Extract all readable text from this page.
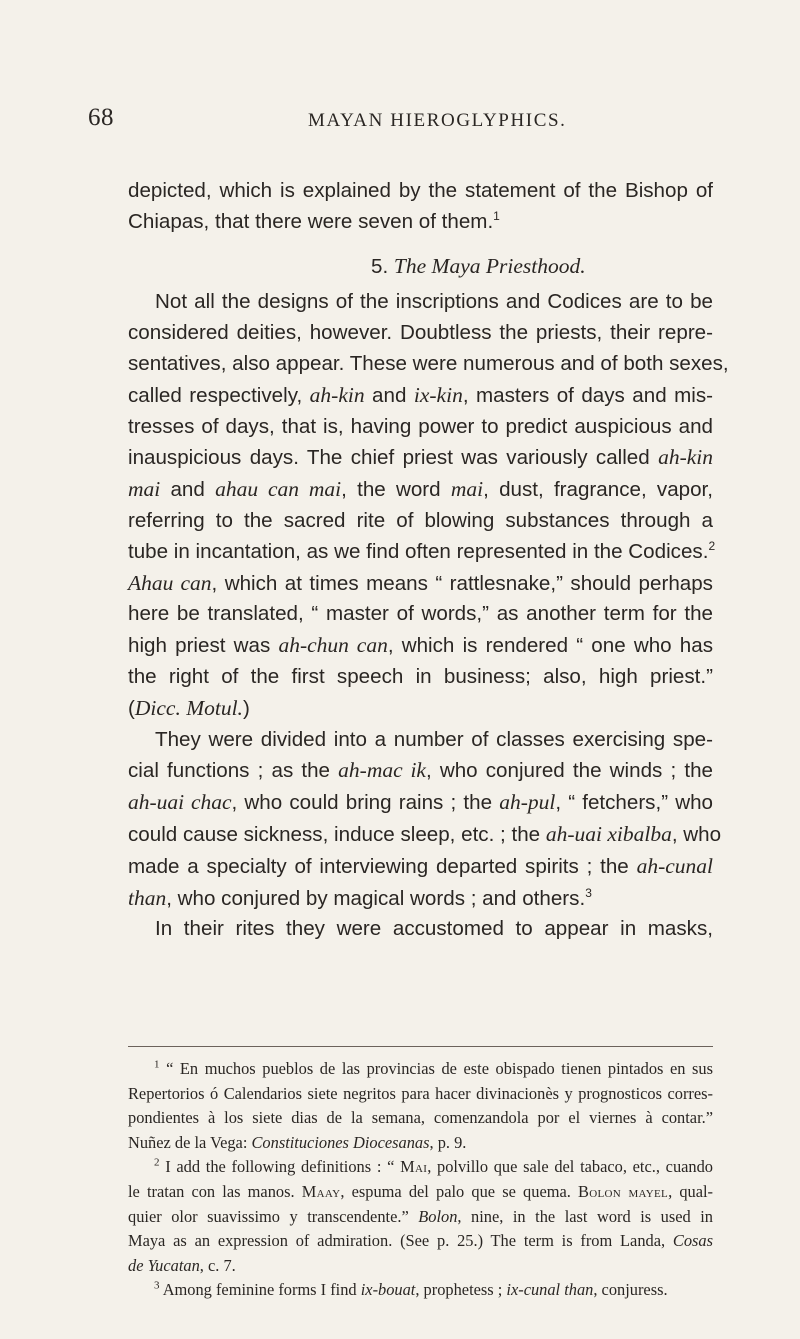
68	MAYAN HIEROGLYPHICS.
depicted, which is explained by the statement of the Bishop of
Chiapas, that there were seven of them.$^1$
5. The Maya Priesthood.
Not all the designs of the inscriptions and Codices are to be
considered deities, however. Doubtless the priests, their repre-
sentatives, also appear. These were numerous and of both sexes,
called respectively, ah-kin and ix-kin, masters of days and mis-
tresses of days, that is, having power to predict auspicious and
inauspicious days. The chief priest was variously called ah-kin
mai and ahau can mai, the word mai, dust, fragrance, vapor,
referring to the sacred rite of blowing substances through a
tube in incantation, as we find often represented in the Codices.$^2$
Ahau can, which at times means “ rattlesnake,” should perhaps
here be translated, “ master of words,” as another term for the
high priest was ah-chun can, which is rendered “ one who has
the right of the first speech in business; also, high priest.”
(Dicc. Motul.)
They were divided into a number of classes exercising spe-
cial functions ; as the ah-mac ik, who conjured the winds ; the
ah-uai chac, who could bring rains ; the ah-pul, “ fetchers,” who
could cause sickness, induce sleep, etc. ; the ah-uai xibalba, who
made a specialty of interviewing departed spirits ; the ah-cunal
than, who conjured by magical words ; and others.$^3$
In their rites they were accustomed to appear in masks,
$^1$ “ En muchos pueblos de las provincias de este obispado tienen pintados en sus
Repertorios ó Calendarios siete negritos para hacer divinacionès y prognosticos corres-
pondientes à los siete dias de la semana, comenzandola por el viernes à contar.”
Nuñez de la Vega: Constituciones Diocesanas, p. 9.
$^2$ I add the following definitions : “ Mai, polvillo que sale del tabaco, etc., cuando
le tratan con las manos. Maay, espuma del palo que se quema. Bolon mayel, qual-
quier olor suavissimo y transcendente.” Bolon, nine, in the last word is used in
Maya as an expression of admiration. (See p. 25.) The term is from Landa, Cosas
de Yucatan, c. 7.
$^3$ Among feminine forms I find ix-bouat, prophetess ; ix-cunal than, conjuress.
